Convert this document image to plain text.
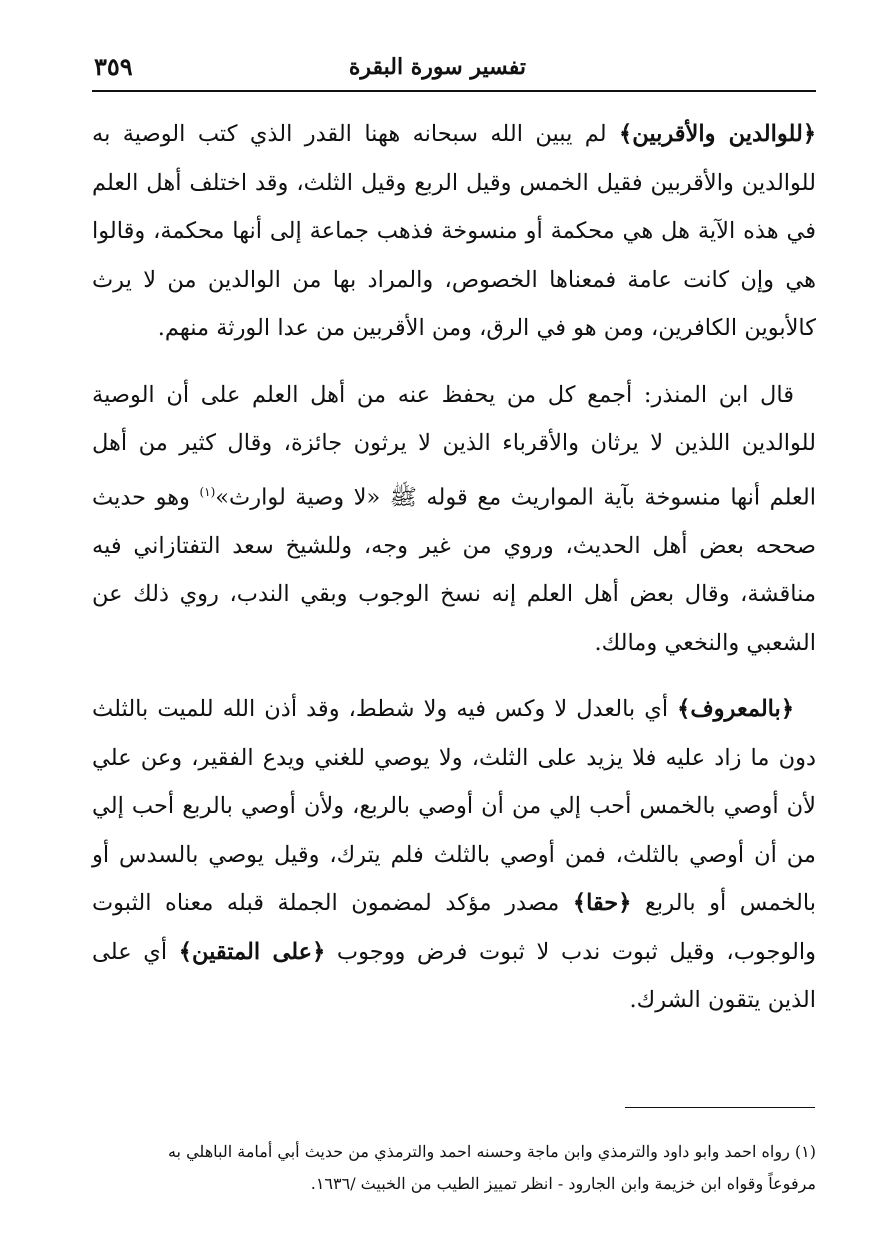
تفسير سورة البقرة
٣٥٩

﴿للوالدين والأقربين﴾ لم يبين الله سبحانه ههنا القدر الذي كتب الوصية به للوالدين والأقربين فقيل الخمس وقيل الربع وقيل الثلث، وقد اختلف أهل العلم في هذه الآية هل هي محكمة أو منسوخة فذهب جماعة إلى أنها محكمة، وقالوا هي وإن كانت عامة فمعناها الخصوص، والمراد بها من الوالدين من لا يرث كالأبوين الكافرين، ومن هو في الرق، ومن الأقربين من عدا الورثة منهم.

قال ابن المنذر: أجمع كل من يحفظ عنه من أهل العلم على أن الوصية للوالدين اللذين لا يرثان والأقرباء الذين لا يرثون جائزة، وقال كثير من أهل العلم أنها منسوخة بآية المواريث مع قوله ﷺ «لا وصية لوارث»$^{(١)}$ وهو حديث صححه بعض أهل الحديث، وروي من غير وجه، وللشيخ سعد التفتازاني فيه مناقشة، وقال بعض أهل العلم إنه نسخ الوجوب وبقي الندب، روي ذلك عن الشعبي والنخعي ومالك.

﴿بالمعروف﴾ أي بالعدل لا وكس فيه ولا شطط، وقد أذن الله للميت بالثلث دون ما زاد عليه فلا يزيد على الثلث، ولا يوصي للغني ويدع الفقير، وعن علي لأن أوصي بالخمس أحب إلي من أن أوصي بالربع، ولأن أوصي بالربع أحب إلي من أن أوصي بالثلث، فمن أوصي بالثلث فلم يترك، وقيل يوصي بالسدس أو بالخمس أو بالربع ﴿حقا﴾ مصدر مؤكد لمضمون الجملة قبله معناه الثبوت والوجوب، وقيل ثبوت ندب لا ثبوت فرض ووجوب ﴿على المتقين﴾ أي على الذين يتقون الشرك.

(١) رواه احمد وابو داود والترمذي وابن ماجة وحسنه احمد والترمذي من حديث أبي أمامة الباهلي به

مرفوعاً وقواه ابن خزيمة وابن الجارود - انظر تمييز الطيب من الخبيث /١٦٣٦.
